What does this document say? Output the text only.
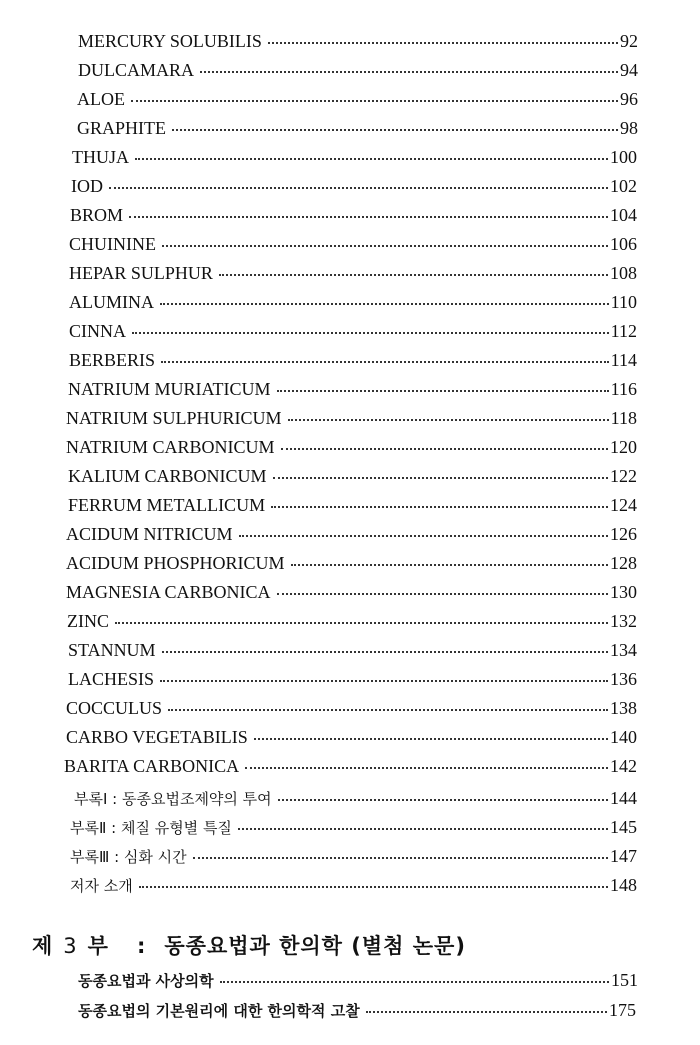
MERCURY SOLUBILIS	92
DULCAMARA	94
ALOE	96
GRAPHITE	98
THUJA	100
IOD	102
BROM	104
CHUININE	106
HEPAR SULPHUR	108
ALUMINA	110
CINNA	112
BERBERIS	114
NATRIUM MURIATICUM	116
NATRIUM SULPHURICUM	118
NATRIUM CARBONICUM	120
KALIUM CARBONICUM	122
FERRUM METALLICUM	124
ACIDUM NITRICUM	126
ACIDUM PHOSPHORICUM	128
MAGNESIA CARBONICA	130
ZINC	132
STANNUM	134
LACHESIS	136
COCCULUS	138
CARBO VEGETABILIS	140
BARITA CARBONICA	142
부록Ⅰ : 동종요법조제약의 투여	144
부록Ⅱ : 체질 유형별 특질	145
부록Ⅲ : 심화 시간	147
저자 소개	148
제 3 부 : 동종요법과 한의학 (별첨 논문)
동종요법과 사상의학	151
동종요법의 기본원리에 대한 한의학적 고찰	175
